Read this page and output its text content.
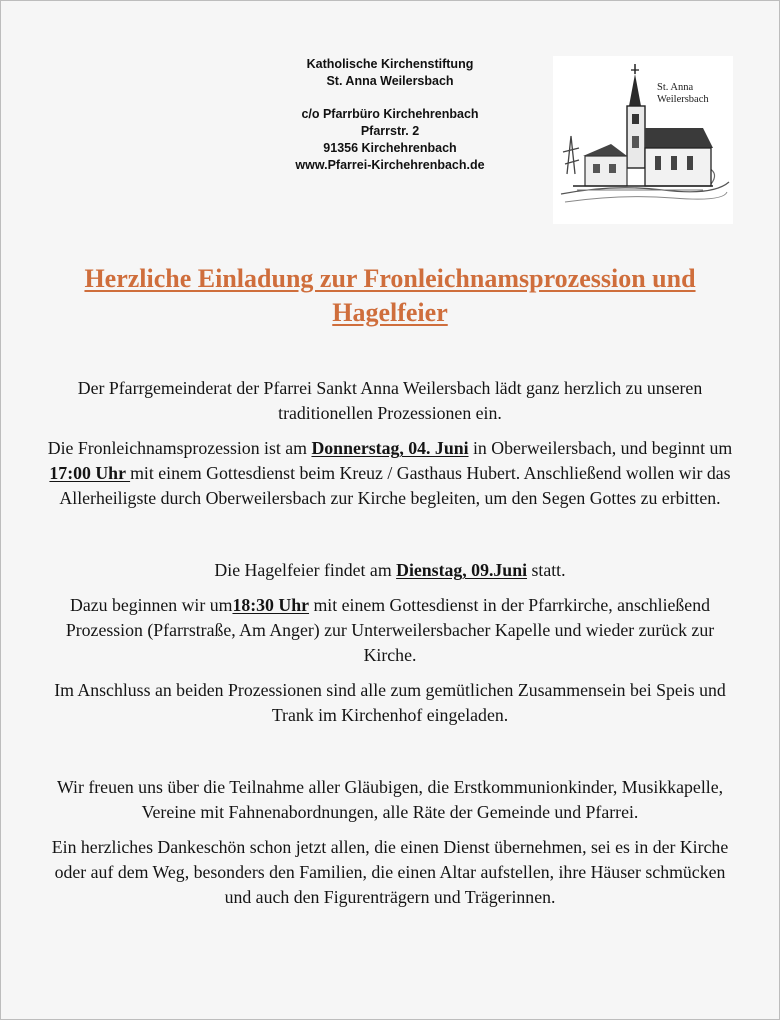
Katholische Kirchenstiftung
St. Anna Weilersbach
c/o Pfarrbüro Kirchehrenbach
Pfarrstr. 2
91356 Kirchehrenbach
www.Pfarrei-Kirchehrenbach.de
St. Anna
Weilersbach
Herzliche Einladung zur Fronleichnamsprozession und Hagelfeier

Der Pfarrgemeinderat der Pfarrei Sankt Anna Weilersbach lädt ganz herzlich zu unseren traditionellen Prozessionen ein.

Die Fronleichnamsprozession ist am Donnerstag, 04. Juni in Oberweilersbach, und beginnt um 17:00 Uhr mit einem Gottesdienst beim Kreuz / Gasthaus Hubert. Anschließend wollen wir das Allerheiligste durch Oberweilersbach zur Kirche begleiten, um den Segen Gottes zu erbitten.

Die Hagelfeier findet am Dienstag, 09.Juni statt.

Dazu beginnen wir um18:30 Uhr mit einem Gottesdienst in der Pfarrkirche, anschließend Prozession (Pfarrstraße, Am Anger) zur Unterweilersbacher Kapelle und wieder zurück zur Kirche.

Im Anschluss an beiden Prozessionen sind alle zum gemütlichen Zusammensein bei Speis und Trank im Kirchenhof eingeladen.

Wir freuen uns über die Teilnahme aller Gläubigen, die Erstkommunionkinder, Musikkapelle, Vereine mit Fahnenabordnungen, alle Räte der Gemeinde und Pfarrei.

Ein herzliches Dankeschön schon jetzt allen, die einen Dienst übernehmen, sei es in der Kirche oder auf dem Weg, besonders den Familien, die einen Altar aufstellen, ihre Häuser schmücken und auch den Figurenträgern und Trägerinnen.
